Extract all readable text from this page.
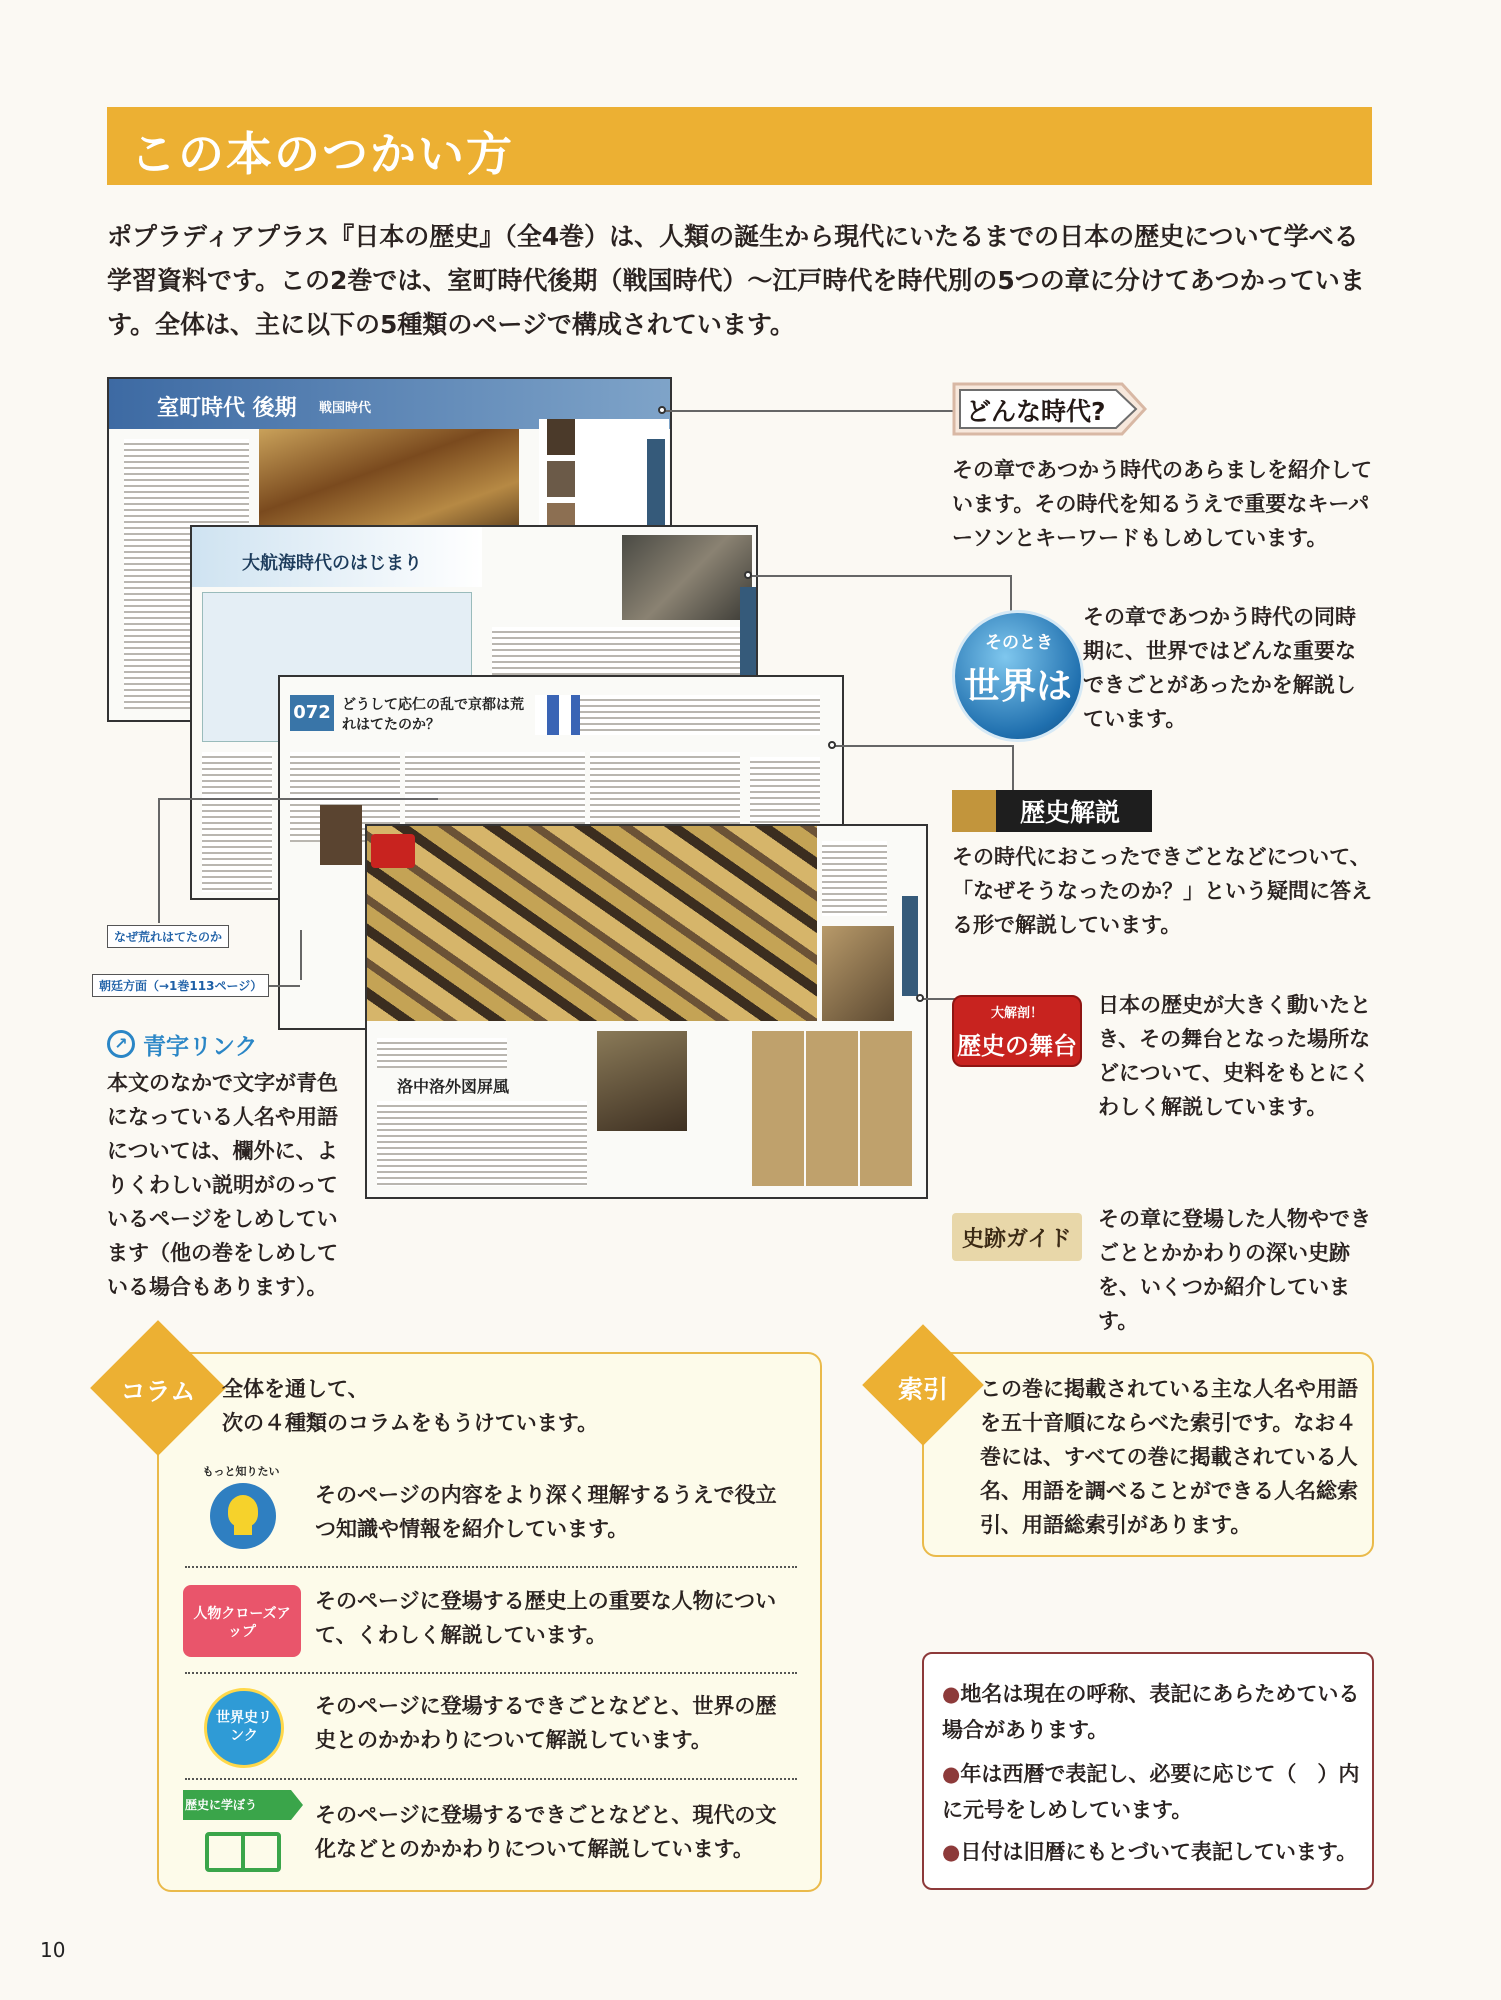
この本のつかい方

ポプラディアプラス『日本の歴史』（全4巻）は、人類の誕生から現代にいたるまでの日本の歴史について学べる学習資料です。この2巻では、室町時代後期（戦国時代）～江戸時代を時代別の5つの章に分けてあつかっています。全体は、主に以下の5種類のページで構成されています。

室町時代 後期 戦国時代
大航海時代のはじまり
072 どうして応仁の乱で京都は荒れはてたのか？
洛中洛外図屏風
なぜ荒れはてたのか
朝廷方面（→1巻113ページ）
どんな時代?

その章であつかう時代のあらましを紹介しています。その時代を知るうえで重要なキーパーソンとキーワードもしめしています。

そのとき
世界は

その章であつかう時代の同時期に、世界ではどんな重要なできごとがあったかを解説しています。

歴史解説

その時代におこったできごとなどについて、「なぜそうなったのか？」という疑問に答える形で解説しています。

大解剖！
歴史の舞台

日本の歴史が大きく動いたとき、その舞台となった場所などについて、史料をもとにくわしく解説しています。

史跡ガイド

その章に登場した人物やできごととかかわりの深い史跡を、いくつか紹介しています。

↗ 青字リンク

本文のなかで文字が青色になっている人名や用語については、欄外に、よりくわしい説明がのっているページをしめしています（他の巻をしめしている場合もあります）。

コラム	全体を通して、
次の４種類のコラムをもうけています。
もっと知りたい

そのページの内容をより深く理解するうえで役立つ知識や情報を紹介しています。

人物クローズアップ

そのページに登場する歴史上の重要な人物について、くわしく解説しています。

世界史リンク

そのページに登場するできごとなどと、世界の歴史とのかかわりについて解説しています。

歴史に学ぼう	そのページに登場するできごとなどと、現代の文化などとのかかわりについて解説しています。

索引	この巻に掲載されている主な人名や用語を五十音順にならべた索引です。なお４巻には、すべての巻に掲載されている人名、用語を調べることができる人名総索引、用語総索引があります。

●地名は現在の呼称、表記にあらためている場合があります。
●年は西暦で表記し、必要に応じて（　）内に元号をしめしています。
●日付は旧暦にもとづいて表記しています。
10
